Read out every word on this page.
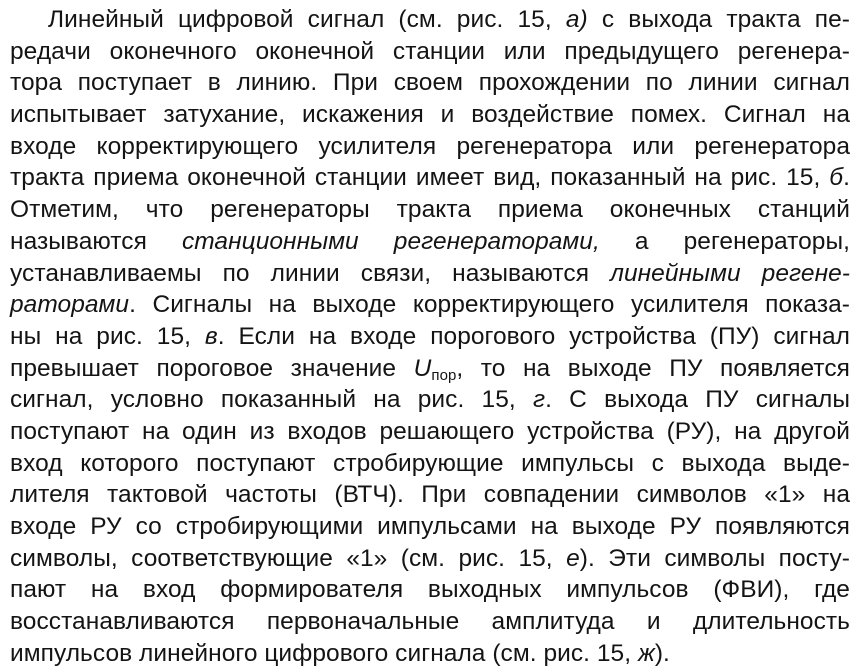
Линейный цифровой сигнал (см. рис. 15, а) с выхода тракта пе-
редачи оконечного оконечной станции или предыдущего регенера-
тора поступает в линию. При своем прохождении по линии сигнал
испытывает затухание, искажения и воздействие помех. Сигнал на
входе корректирующего усилителя регенератора или регенератора
тракта приема оконечной станции имеет вид, показанный на рис. 15, б.
Отметим, что регенераторы тракта приема оконечных станций
называются станционными регенераторами, а регенераторы,
устанавливаемы по линии связи, называются линейными регене-
раторами. Сигналы на выходе корректирующего усилителя показа-
ны на рис. 15, в. Если на входе порогового устройства (ПУ) сигнал
превышает пороговое значение $U_{пор}$, то на выходе ПУ появляется
сигнал, условно показанный на рис. 15, г. С выхода ПУ сигналы
поступают на один из входов решающего устройства (РУ), на другой
вход которого поступают стробирующие импульсы с выхода выде-
лителя тактовой частоты (ВТЧ). При совпадении символов «1» на
входе РУ со стробирующими импульсами на выходе РУ появляются
символы, соответствующие «1» (см. рис. 15, е). Эти символы посту-
пают на вход формирователя выходных импульсов (ФВИ), где
восстанавливаются первоначальные амплитуда и длительность
импульсов линейного цифрового сигнала (см. рис. 15, ж).
